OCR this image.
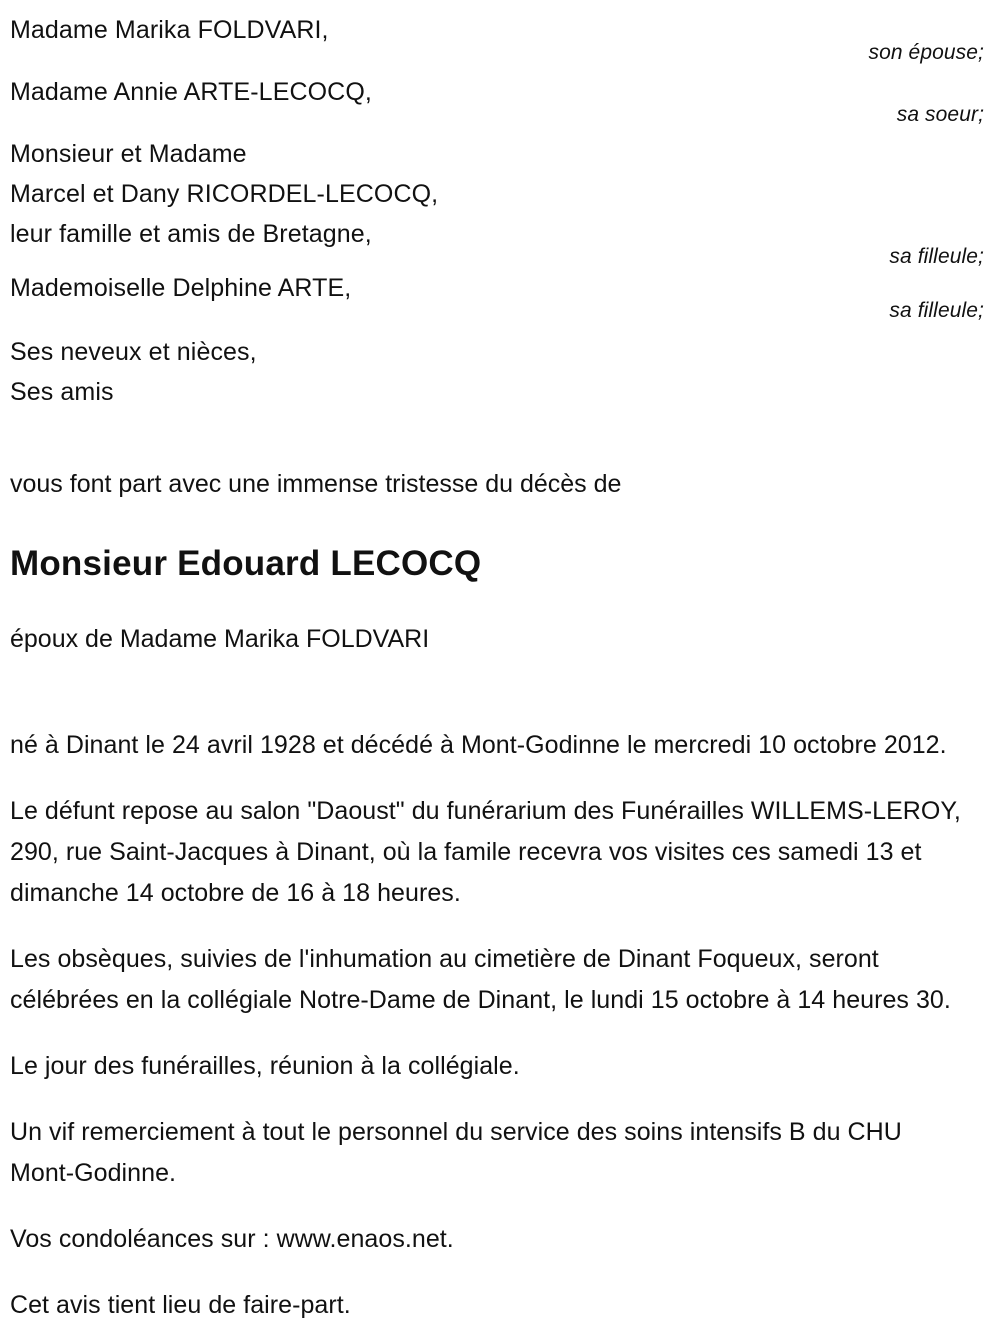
Madame Marika FOLDVARI,
son épouse;
Madame Annie ARTE-LECOCQ,
sa soeur;
Monsieur et Madame
Marcel et Dany RICORDEL-LECOCQ,
leur famille et amis de Bretagne,
sa filleule;
Mademoiselle Delphine ARTE,
sa filleule;
Ses neveux et nièces,
Ses amis
vous font part avec une immense tristesse du décès de
Monsieur Edouard LECOCQ
époux de Madame Marika FOLDVARI

né à Dinant le 24 avril 1928 et décédé à Mont-Godinne le mercredi 10 octobre 2012.

Le défunt repose au salon "Daoust" du funérarium des Funérailles WILLEMS-LEROY, 290, rue Saint-Jacques à Dinant, où la famile recevra vos visites ces samedi 13 et dimanche 14 octobre de 16 à 18 heures.

Les obsèques, suivies de l'inhumation au cimetière de Dinant Foqueux, seront célébrées en la collégiale Notre-Dame de Dinant, le lundi 15 octobre à 14 heures 30.

Le jour des funérailles, réunion à la collégiale.

Un vif remerciement à tout le personnel du service des soins intensifs B du CHU Mont-Godinne.

Vos condoléances sur : www.enaos.net.

Cet avis tient lieu de faire-part.
